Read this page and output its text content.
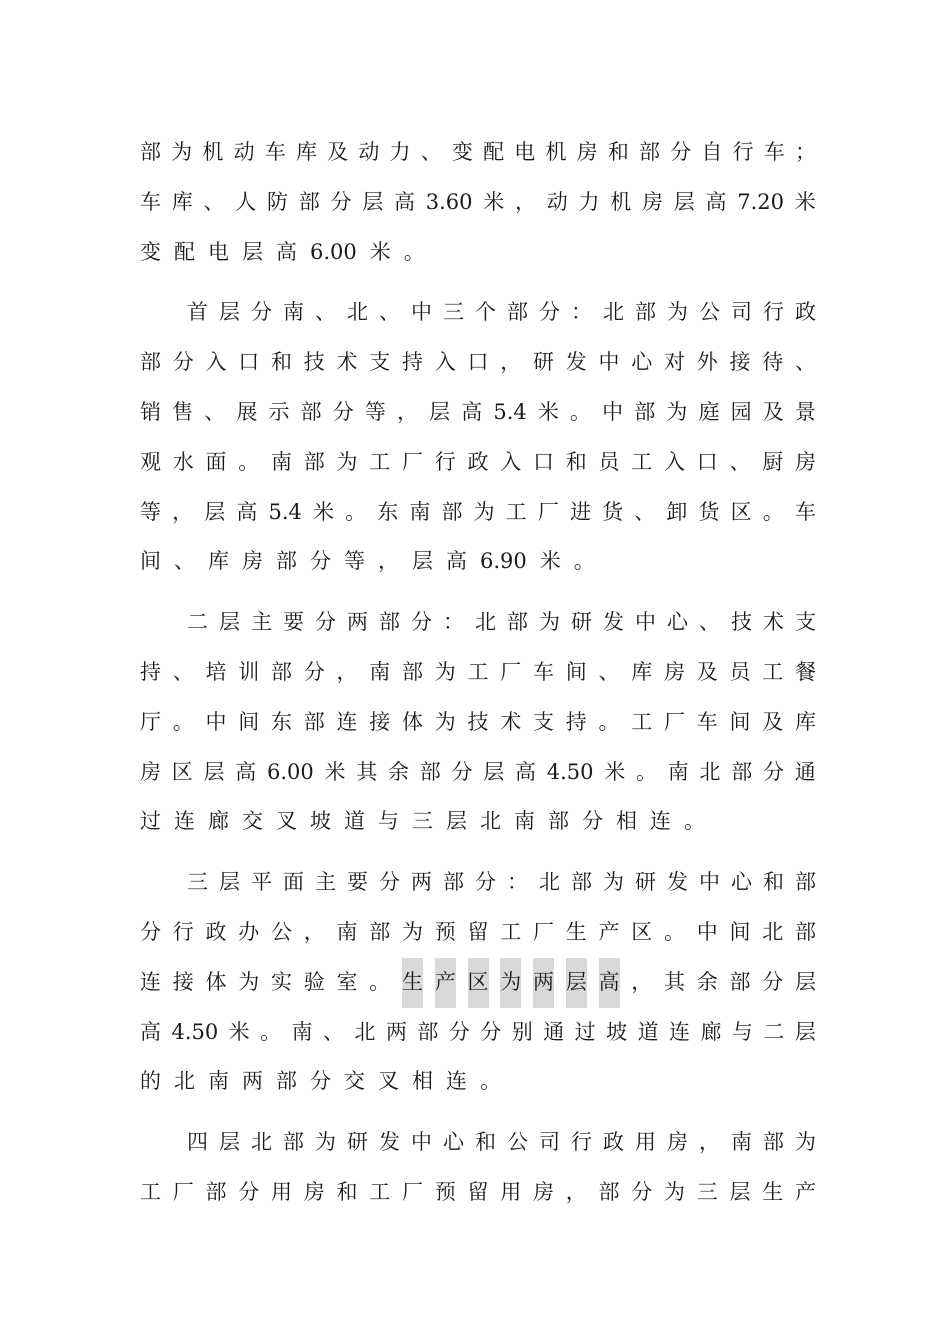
部 为 机 动 车 库 及 动 力 、 变 配 电 机 房 和 部 分 自 行 车 ；
车 库 、 人 防 部 分 层 高 3.60 米 ， 动 力 机 房 层 高 7.20 米
变 配 电 层 高 6.00 米 。
首 层 分 南 、 北 、 中 三 个 部 分 ： 北 部 为 公 司 行 政
部 分 入 口 和 技 术 支 持 入 口 ， 研 发 中 心 对 外 接 待 、
销 售 、 展 示 部 分 等 ， 层 高 5.4 米 。 中 部 为 庭 园 及 景
观 水 面 。 南 部 为 工 厂 行 政 入 口 和 员 工 入 口 、 厨 房
等 ， 层 高 5.4 米 。 东 南 部 为 工 厂 进 货 、 卸 货 区 。 车
间 、 库 房 部 分 等 ， 层 高 6.90 米 。
二 层 主 要 分 两 部 分 ： 北 部 为 研 发 中 心 、 技 术 支
持 、 培 训 部 分 ， 南 部 为 工 厂 车 间 、 库 房 及 员 工 餐
厅 。 中 间 东 部 连 接 体 为 技 术 支 持 。 工 厂 车 间 及 库
房 区 层 高 6.00 米 其 余 部 分 层 高 4.50 米 。 南 北 部 分 通
过 连 廊 交 叉 坡 道 与 三 层 北 南 部 分 相 连 。
三 层 平 面 主 要 分 两 部 分 ： 北 部 为 研 发 中 心 和 部
分 行 政 办 公 ， 南 部 为 预 留 工 厂 生 产 区 。 中 间 北 部
连 接 体 为 实 验 室 。 生 产 区 为 两 层 高 ， 其 余 部 分 层
高 4.50 米 。 南 、 北 两 部 分 分 别 通 过 坡 道 连 廊 与 二 层
的 北 南 两 部 分 交 叉 相 连 。
四 层 北 部 为 研 发 中 心 和 公 司 行 政 用 房 ， 南 部 为
工 厂 部 分 用 房 和 工 厂 预 留 用 房 ， 部 分 为 三 层 生 产
